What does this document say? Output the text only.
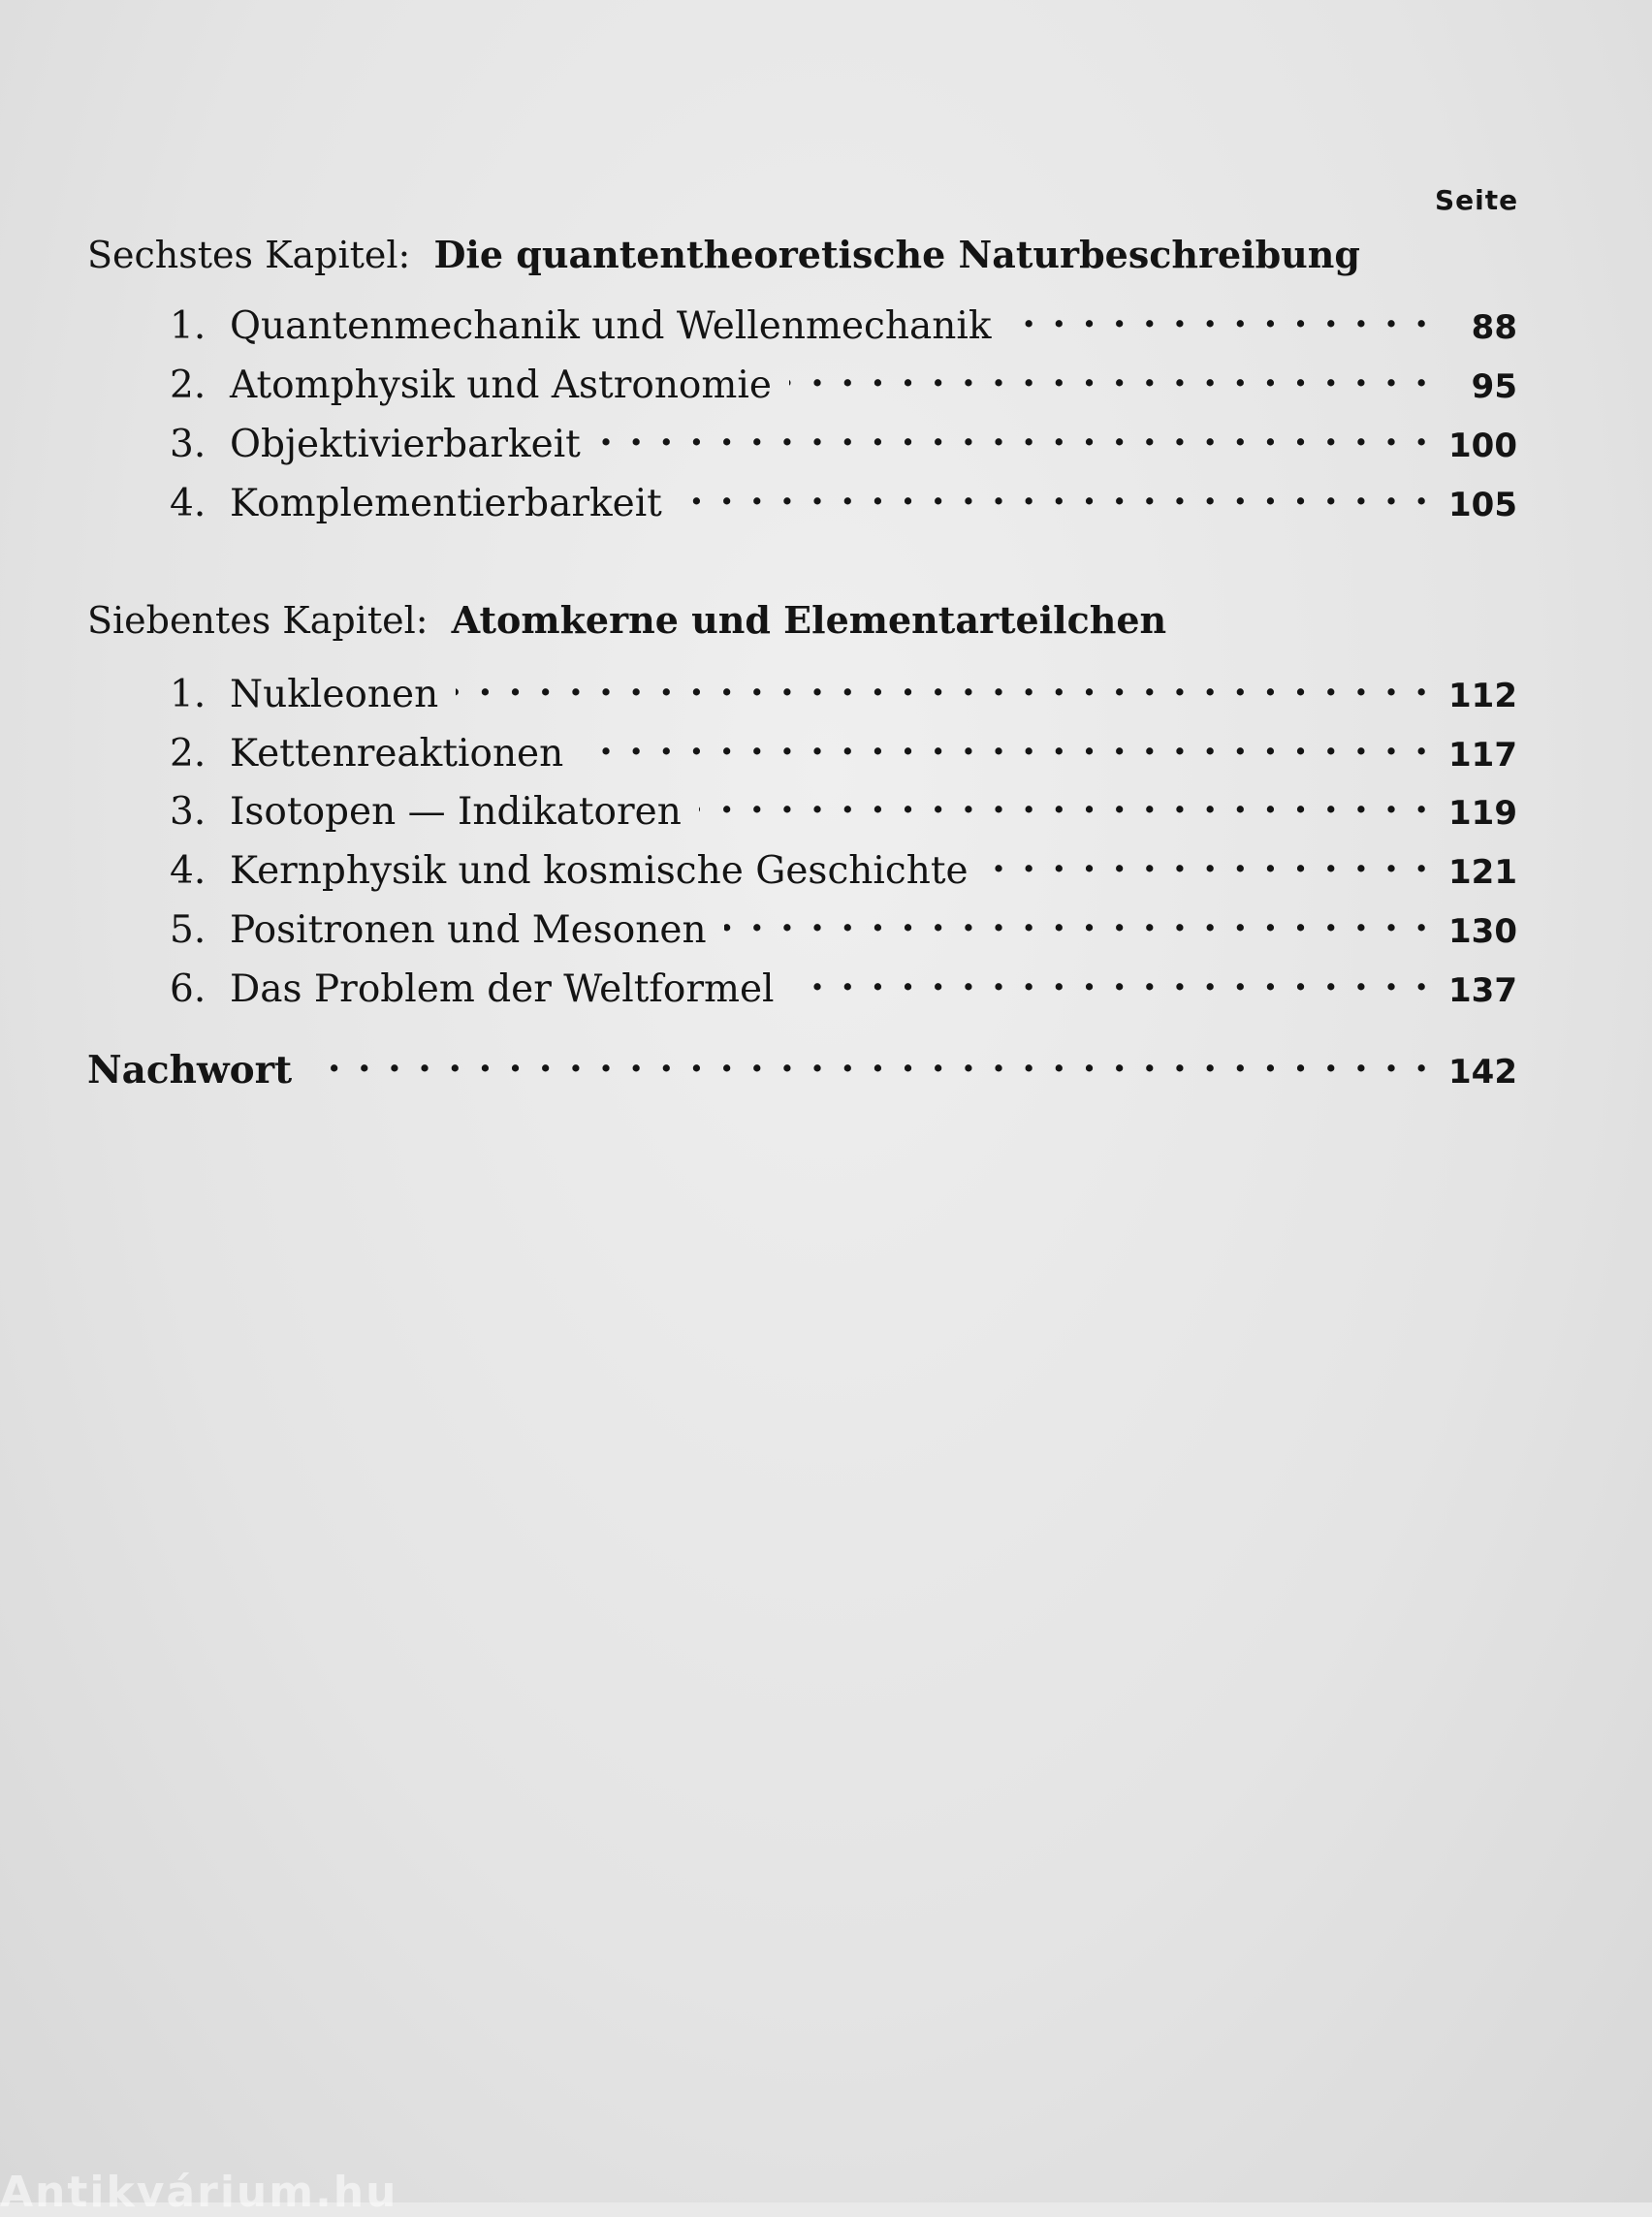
Seite
Sechstes Kapitel: Die quantentheoretische Naturbeschreibung
1. Quantenmechanik und Wellenmechanik . . .	88
2. Atomphysik und Astronomie . . .	95
3. Objektivierbarkeit . . .	100
4. Komplementierbarkeit . . .	105
Siebentes Kapitel: Atomkerne und Elementarteilchen
1. Nukleonen . . .	112
2. Kettenreaktionen . . .	117
3. Isotopen — Indikatoren . . .	119
4. Kernphysik und kosmische Geschichte . . .	121
5. Positronen und Mesonen . . .	130
6. Das Problem der Weltformel . . .	137
Nachwort . . .	142
Antikvárium.hu
